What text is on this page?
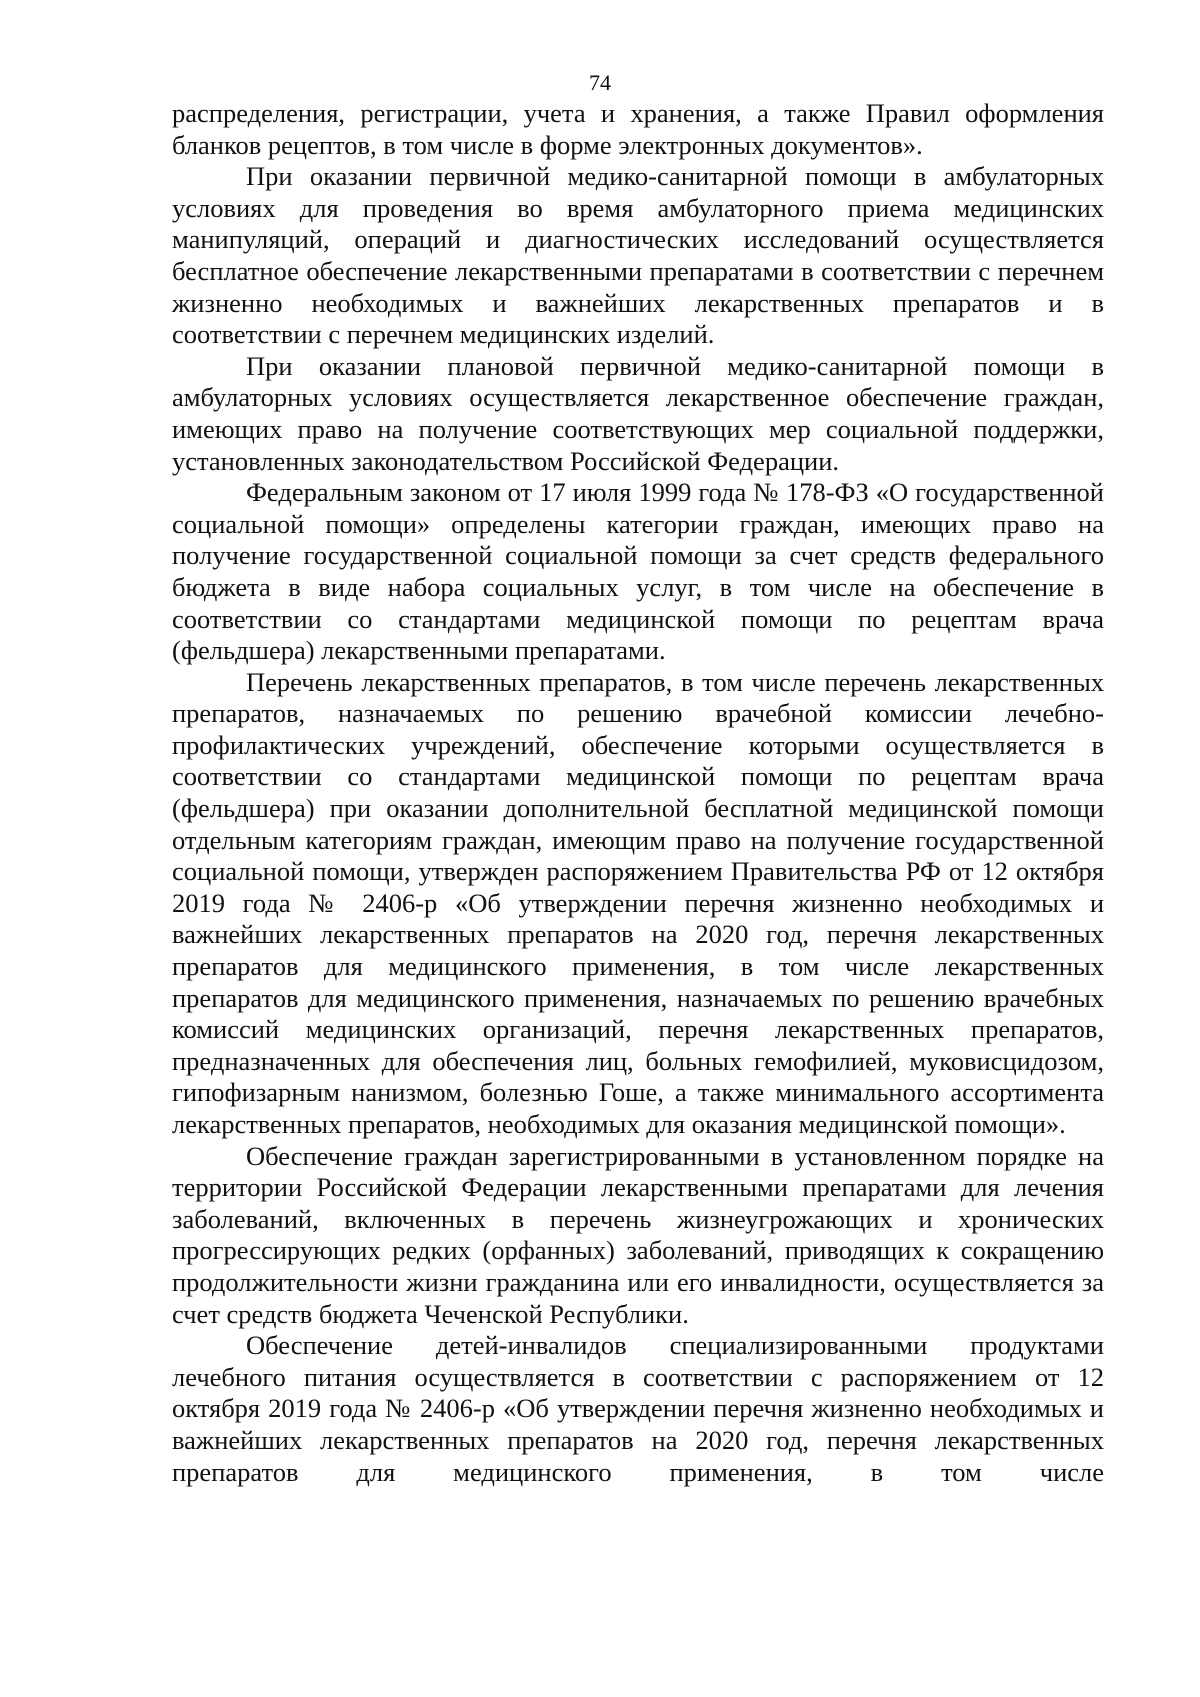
74

распределения, регистрации, учета и хранения, а также Правил оформления бланков рецептов, в том числе в форме электронных документов».

При оказании первичной медико-санитарной помощи в амбулаторных условиях для проведения во время амбулаторного приема медицинских манипуляций, операций и диагностических исследований осуществляется бесплатное обеспечение лекарственными препаратами в соответствии с перечнем жизненно необходимых и важнейших лекарственных препаратов и в соответствии с перечнем медицинских изделий.

При оказании плановой первичной медико-санитарной помощи в амбулаторных условиях осуществляется лекарственное обеспечение граждан, имеющих право на получение соответствующих мер социальной поддержки, установленных законодательством Российской Федерации.

Федеральным законом от 17 июля 1999 года № 178-ФЗ «О государственной социальной помощи» определены категории граждан, имеющих право на получение государственной социальной помощи за счет средств федерального бюджета в виде набора социальных услуг, в том числе на обеспечение в соответствии со стандартами медицинской помощи по рецептам врача (фельдшера) лекарственными препаратами.

Перечень лекарственных препаратов, в том числе перечень лекарственных препаратов, назначаемых по решению врачебной комиссии лечебно-профилактических учреждений, обеспечение которыми осуществляется в соответствии со стандартами медицинской помощи по рецептам врача (фельдшера) при оказании дополнительной бесплатной медицинской помощи отдельным категориям граждан, имеющим право на получение государственной социальной помощи, утвержден распоряжением Правительства РФ от 12 октября 2019 года № 2406-р «Об утверждении перечня жизненно необходимых и важнейших лекарственных препаратов на 2020 год, перечня лекарственных препаратов для медицинского применения, в том числе лекарственных препаратов для медицинского применения, назначаемых по решению врачебных комиссий медицинских организаций, перечня лекарственных препаратов, предназначенных для обеспечения лиц, больных гемофилией, муковисцидозом, гипофизарным нанизмом, болезнью Гоше, а также минимального ассортимента лекарственных препаратов, необходимых для оказания медицинской помощи».

Обеспечение граждан зарегистрированными в установленном порядке на территории Российской Федерации лекарственными препаратами для лечения заболеваний, включенных в перечень жизнеугрожающих и хронических прогрессирующих редких (орфанных) заболеваний, приводящих к сокращению продолжительности жизни гражданина или его инвалидности, осуществляется за счет средств бюджета Чеченской Республики.

Обеспечение детей-инвалидов специализированными продуктами лечебного питания осуществляется в соответствии с распоряжением от 12 октября 2019 года № 2406-р «Об утверждении перечня жизненно необходимых и важнейших лекарственных препаратов на 2020 год, перечня лекарственных препаратов для медицинского применения, в том числе
